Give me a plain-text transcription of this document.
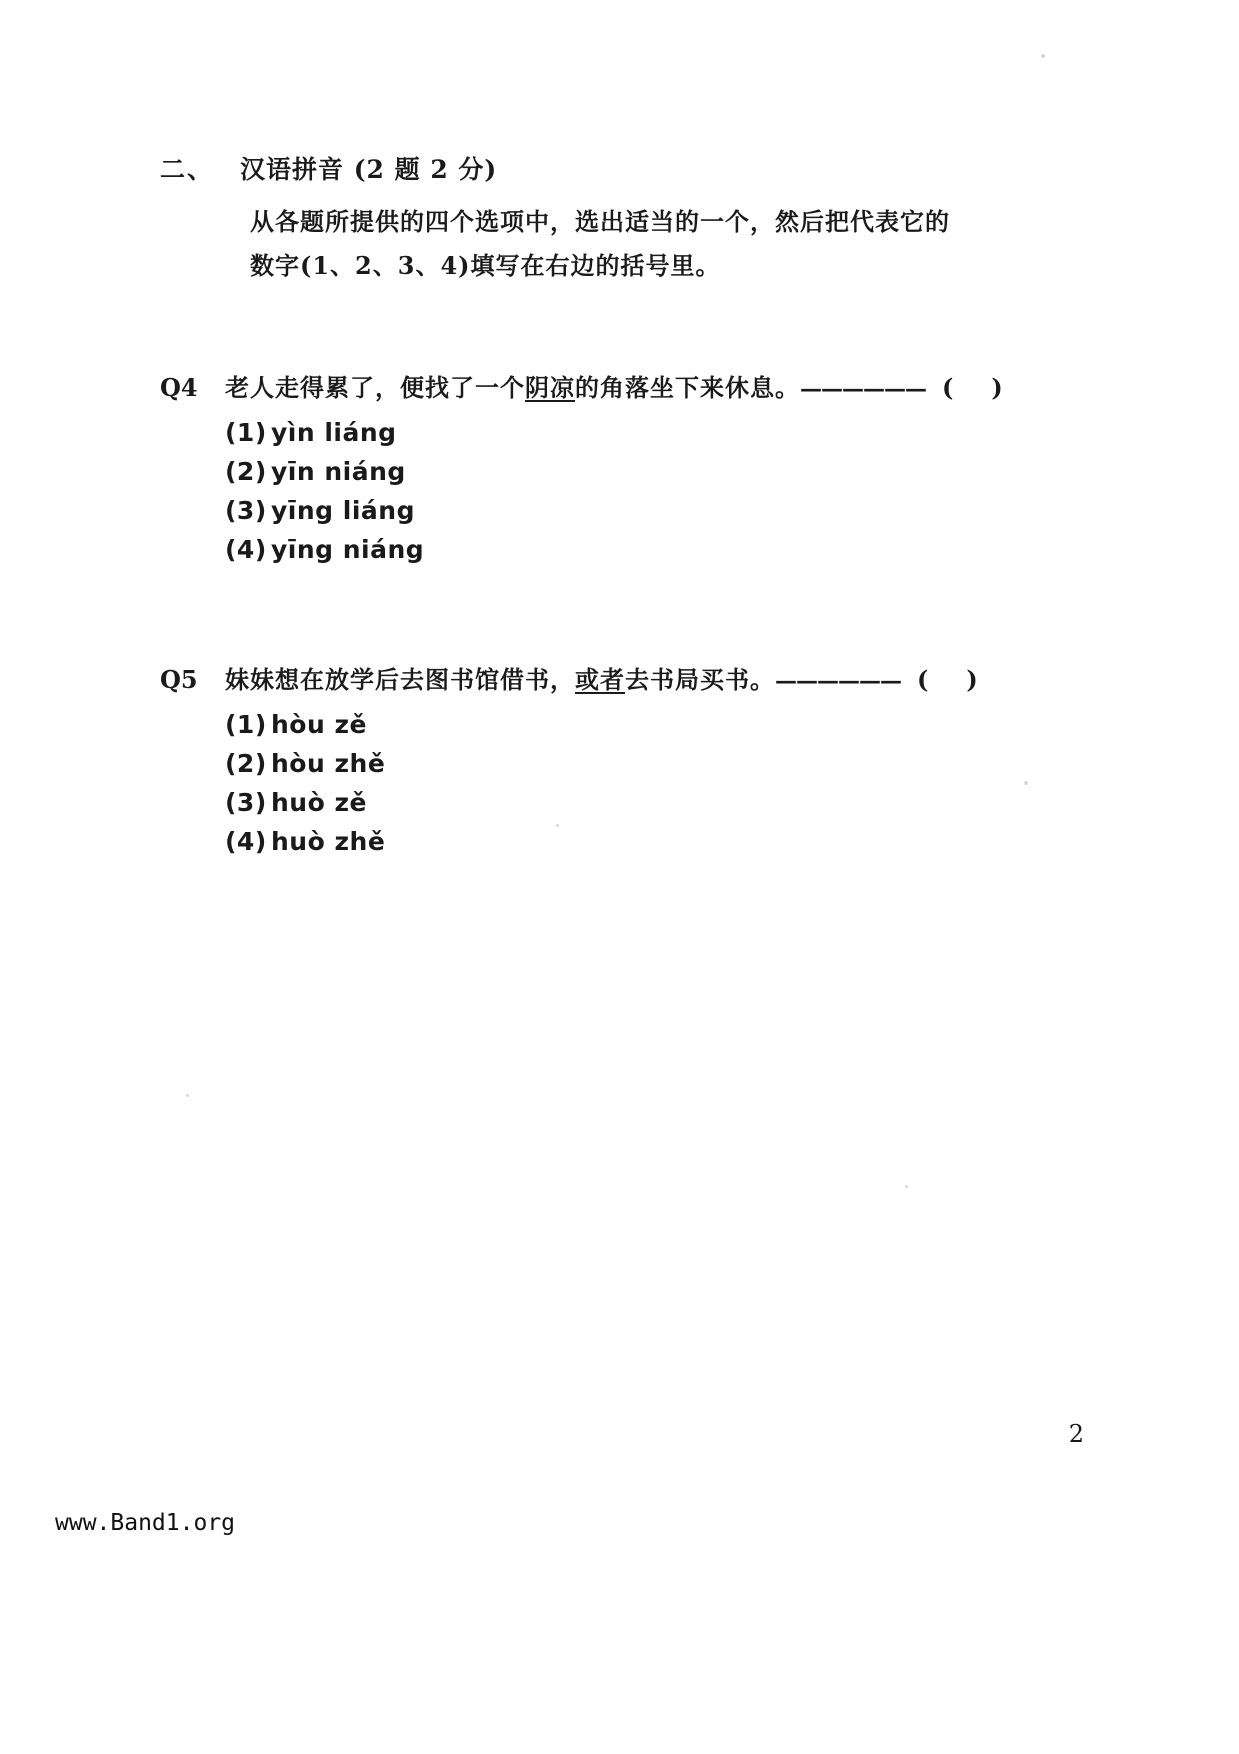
二、 汉语拼音 (2 题 2 分)
从各题所提供的四个选项中，选出适当的一个，然后把代表它的
数字(1、2、3、4)填写在右边的括号里。
Q4	老人走得累了，便找了一个阴凉的角落坐下来休息。—————— ()
(1) yìn liáng
(2) yīn niáng
(3) yīng liáng
(4) yīng niáng
Q5	妹妹想在放学后去图书馆借书，或者去书局买书。—————— ()
(1) hòu zě
(2) hòu zhě
(3) huò zě
(4) huò zhě
2
www.Band1.org
